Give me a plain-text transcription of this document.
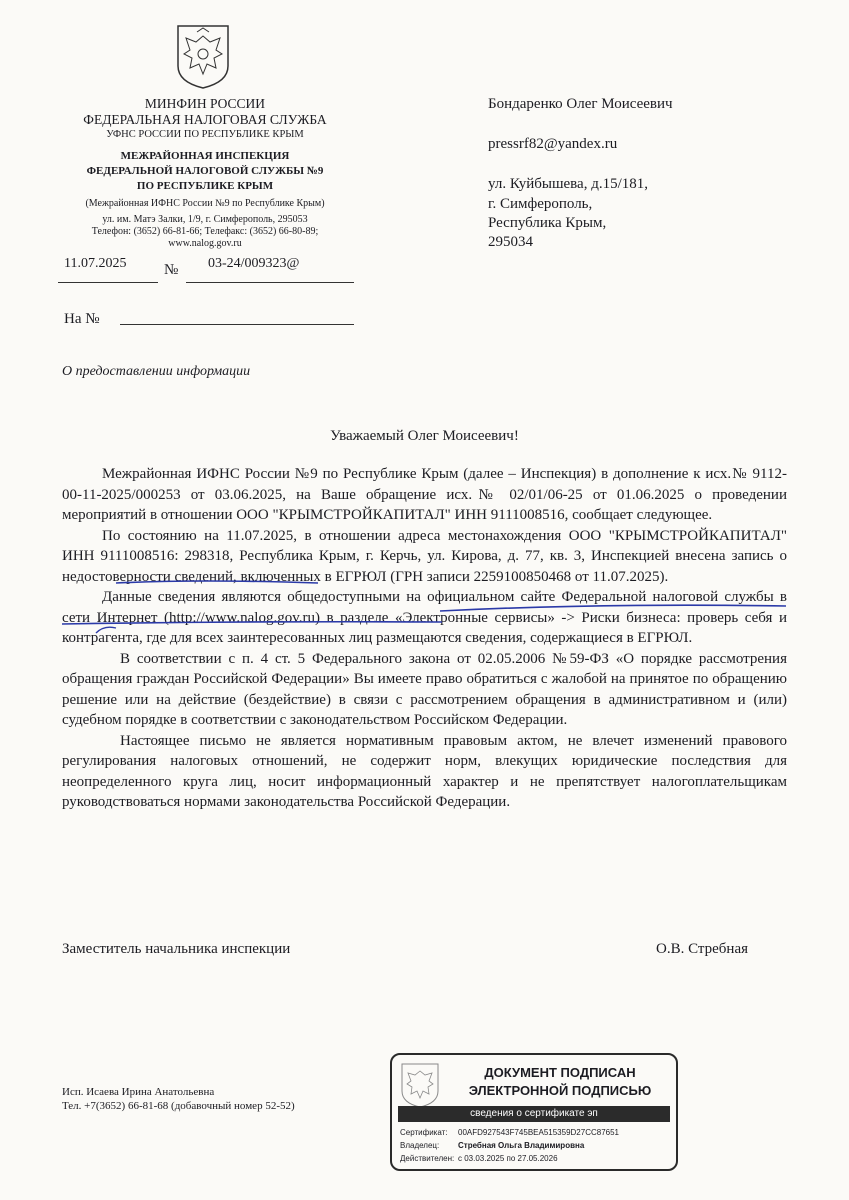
МИНФИН РОССИИ
ФЕДЕРАЛЬНАЯ НАЛОГОВАЯ СЛУЖБА
УФНС РОССИИ ПО РЕСПУБЛИКЕ КРЫМ
МЕЖРАЙОННАЯ ИНСПЕКЦИЯ
ФЕДЕРАЛЬНОЙ НАЛОГОВОЙ СЛУЖБЫ №9
ПО РЕСПУБЛИКЕ КРЫМ
(Межрайонная ИФНС России №9 по Республике Крым)
ул. им. Матэ Залки, 1/9, г. Симферополь, 295053
Телефон: (3652) 66-81-66; Телефакс: (3652) 66-80-89;
www.nalog.gov.ru
11.07.2025	№ 03-24/009323@
На №
О предоставлении информации
Бондаренко Олег Моисеевич
pressrf82@yandex.ru
ул. Куйбышева, д.15/181,
г. Симферополь,
Республика Крым,
295034
Уважаемый Олег Моисеевич!

Межрайонная ИФНС России №9 по Республике Крым (далее – Инспекция) в дополнение к исх.№ 9112-00-11-2025/000253 от 03.06.2025, на Ваше обращение исх.№ 02/01/06-25 от 01.06.2025 о проведении мероприятий в отношении ООО "КРЫМСТРОЙКАПИТАЛ" ИНН 9111008516, сообщает следующее.

По состоянию на 11.07.2025, в отношении адреса местонахождения ООО "КРЫМСТРОЙКАПИТАЛ" ИНН 9111008516: 298318, Республика Крым, г. Керчь, ул. Кирова, д. 77, кв. 3, Инспекцией внесена запись о недостоверности сведений, включенных в ЕГРЮЛ (ГРН записи 2259100850468 от 11.07.2025).

Данные сведения являются общедоступными на официальном сайте Федеральной налоговой службы в сети Интернет (http://www.nalog.gov.ru) в разделе «Электронные сервисы» -> Риски бизнеса: проверь себя и контрагента, где для всех заинтересованных лиц размещаются сведения, содержащиеся в ЕГРЮЛ.

В соответствии с п. 4 ст. 5 Федерального закона от 02.05.2006 №59-ФЗ «О порядке рассмотрения обращения граждан Российской Федерации» Вы имеете право обратиться с жалобой на принятое по обращению решение или на действие (бездействие) в связи с рассмотрением обращения в административном и (или) судебном порядке в соответствии с законодательством Российском Федерации.

Настоящее письмо не является нормативным правовым актом, не влечет изменений правового регулирования налоговых отношений, не содержит норм, влекущих юридические последствия для неопределенного круга лиц, носит информационный характер и не препятствует налогоплательщикам руководствоваться нормами законодательства Российской Федерации.

Заместитель начальника инспекции	О.В. Стребная
Исп. Исаева Ирина Анатольевна
Тел. +7(3652) 66-81-68 (добавочный номер 52-52)
ДОКУМЕНТ ПОДПИСАН
ЭЛЕКТРОННОЙ ПОДПИСЬЮ
сведения о сертификате эп
Сертификат: 00AFD927543F745BEA515359D27CC87651
Владелец: Стребная Ольга Владимировна
Действителен: с 03.03.2025 по 27.05.2026
